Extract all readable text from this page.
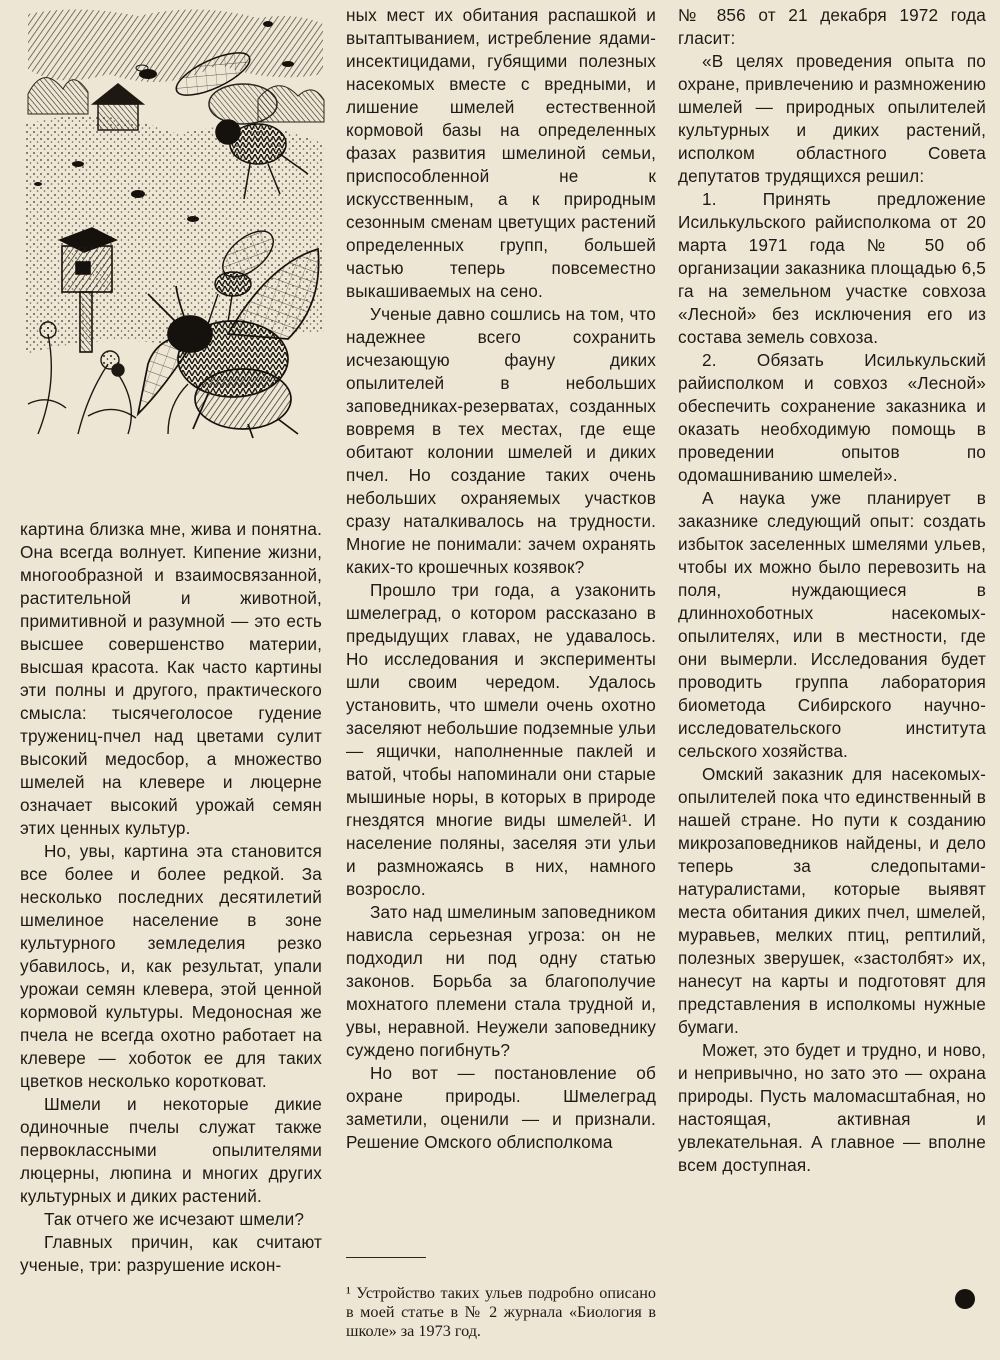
картина близка мне, жива и понятна. Она всегда волнует. Кипение жизни, многообразной и взаимосвязанной, растительной и животной, примитивной и разумной — это есть высшее совершенство материи, высшая красота. Как часто картины эти полны и другого, практического смысла: тысячеголосое гудение тружениц-пчел над цветами сулит высокий медосбор, а множество шмелей на клевере и люцерне означает высокий урожай семян этих ценных культур.

Но, увы, картина эта становится все более и более редкой. За несколько последних десятилетий шмелиное население в зоне культурного земледелия резко убавилось, и, как результат, упали урожаи семян клевера, этой ценной кормовой культуры. Медоносная же пчела не всегда охотно работает на клевере — хоботок ее для таких цветков несколько коротковат.

Шмели и некоторые дикие одиночные пчелы служат также первоклассными опылителями люцерны, люпина и многих других культурных и диких растений.

Так отчего же исчезают шмели?

Главных причин, как считают ученые, три: разрушение искон-

ных мест их обитания распашкой и вытаптыванием, истребление ядами-инсектицидами, губящими полезных насекомых вместе с вредными, и лишение шмелей естественной кормовой базы на определенных фазах развития шмелиной семьи, приспособленной не к искусственным, а к природным сезонным сменам цветущих растений определенных групп, большей частью теперь повсеместно выкашиваемых на сено.

Ученые давно сошлись на том, что надежнее всего сохранить исчезающую фауну диких опылителей в небольших заповедниках-резерватах, созданных вовремя в тех местах, где еще обитают колонии шмелей и диких пчел. Но создание таких очень небольших охраняемых участков сразу наталкивалось на трудности. Многие не понимали: зачем охранять каких-то крошечных козявок?

Прошло три года, а узаконить шмелеград, о котором рассказано в предыдущих главах, не удавалось. Но исследования и эксперименты шли своим чередом. Удалось установить, что шмели очень охотно заселяют небольшие подземные ульи — ящички, наполненные паклей и ватой, чтобы напоминали они старые мышиные норы, в которых в природе гнездятся многие виды шмелей¹. И население поляны, заселяя эти ульи и размножаясь в них, намного возросло.

Зато над шмелиным заповедником нависла серьезная угроза: он не подходил ни под одну статью законов. Борьба за благополучие мохнатого племени стала трудной и, увы, неравной. Неужели заповеднику суждено погибнуть?

Но вот — постановление об охране природы. Шмелеград заметили, оценили — и признали. Решение Омского облисполкома

¹ Устройство таких ульев подробно описано в моей статье в № 2 журнала «Биология в школе» за 1973 год.

№ 856 от 21 декабря 1972 года гласит:

«В целях проведения опыта по охране, привлечению и размножению шмелей — природных опылителей культурных и диких растений, исполком областного Совета депутатов трудящихся решил:

1. Принять предложение Исилькульского райисполкома от 20 марта 1971 года № 50 об организации заказника площадью 6,5 га на земельном участке совхоза «Лесной» без исключения его из состава земель совхоза.

2. Обязать Исилькульский райисполком и совхоз «Лесной» обеспечить сохранение заказника и оказать необходимую помощь в проведении опытов по одомашниванию шмелей».

А наука уже планирует в заказнике следующий опыт: создать избыток заселенных шмелями ульев, чтобы их можно было перевозить на поля, нуждающиеся в длиннохоботных насекомых-опылителях, или в местности, где они вымерли. Исследования будет проводить группа лаборатория биометода Сибирского научно-исследовательского института сельского хозяйства.

Омский заказник для насекомых-опылителей пока что единственный в нашей стране. Но пути к созданию микрозаповедников найдены, и дело теперь за следопытами-натуралистами, которые выявят места обитания диких пчел, шмелей, муравьев, мелких птиц, рептилий, полезных зверушек, «застолбят» их, нанесут на карты и подготовят для представления в исполкомы нужные бумаги.

Может, это будет и трудно, и ново, и непривычно, но зато это — охрана природы. Пусть маломасштабная, но настоящая, активная и увлекательная. А главное — вполне всем доступная.
